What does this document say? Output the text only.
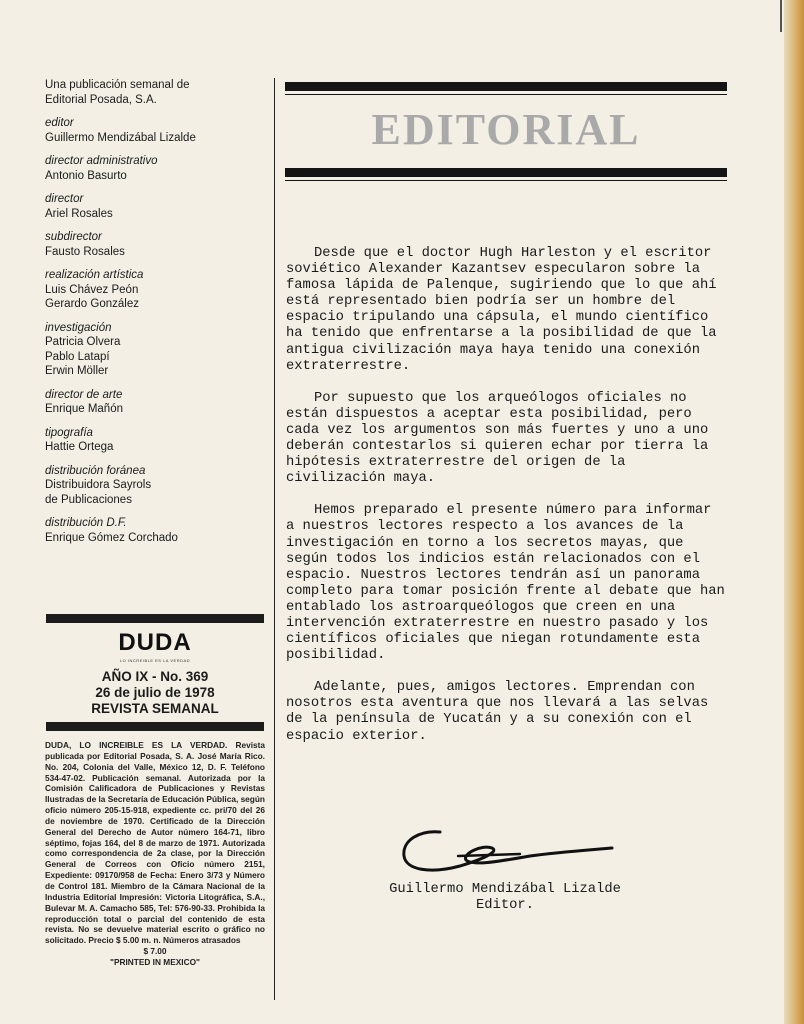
Una publicación semanal de
Editorial Posada, S.A.
editor
Guillermo Mendizábal Lizalde
director administrativo
Antonio Basurto
director
Ariel Rosales
subdirector
Fausto Rosales
realización artística
Luis Chávez Peón
Gerardo González
investigación
Patricia Olvera
Pablo Latapí
Erwin Möller
director de arte
Enrique Mañón
tipografía
Hattie Ortega
distribución foránea
Distribuidora Sayrols
de Publicaciones
distribución D.F.
Enrique Gómez Corchado
DUDA
LO INCREIBLE ES LA VERDAD
AÑO IX - No. 369
26 de julio de 1978
REVISTA SEMANAL
DUDA, LO INCREIBLE ES LA VERDAD. Revista publicada por Editorial Posada, S. A. José María Rico. No. 204, Colonia del Valle, México 12, D. F. Teléfono 534-47-02. Publicación semanal. Autorizada por la Comisión Calificadora de Publicaciones y Revistas Ilustradas de la Secretaría de Educación Pública, según oficio número 205-15-918, expediente cc. pri/70 del 26 de noviembre de 1970. Certificado de la Dirección General del Derecho de Autor número 164-71, libro séptimo, fojas 164, del 8 de marzo de 1971. Autorizada como correspondencia de 2a clase, por la Dirección General de Correos con Oficio número 2151, Expediente: 09170/958 de Fecha: Enero 3/73 y Número de Control 181. Miembro de la Cámara Nacional de la Industria Editorial Impresión: Victoria Litográfica, S.A., Bulevar M. A. Camacho 585, Tel: 576-90-33. Prohibida la reproducción total o parcial del contenido de esta revista. No se devuelve material escrito o gráfico no solicitado. Precio $ 5.00 m. n. Números atrasados
$ 7.00
"PRINTED IN MEXICO"
EDITORIAL

Desde que el doctor Hugh Harleston y el escritor soviético Alexander Kazantsev especularon sobre la famosa lápida de Palenque, sugiriendo que lo que ahí está representado bien podría ser un hombre del espacio tripulando una cápsula, el mundo científico ha tenido que enfrentarse a la posibilidad de que la antigua civilización maya haya tenido una conexión extraterrestre.

Por supuesto que los arqueólogos oficiales no están dispuestos a aceptar esta posibilidad, pero cada vez los argumentos son más fuertes y uno a uno deberán contestarlos si quieren echar por tierra la hipótesis extraterrestre del origen de la civilización maya.

Hemos preparado el presente número para informar a nuestros lectores respecto a los avances de la investigación en torno a los secretos mayas, que según todos los indicios están relacionados con el espacio. Nuestros lectores tendrán así un panorama completo para tomar posición frente al debate que han entablado los astroarqueólogos que creen en una intervención extraterrestre en nuestro pasado y los científicos oficiales que niegan rotundamente esta posibilidad.

Adelante, pues, amigos lectores. Emprendan con nosotros esta aventura que nos llevará a las selvas de la península de Yucatán y a su conexión con el espacio exterior.

Guillermo Mendizábal Lizalde
Editor.
